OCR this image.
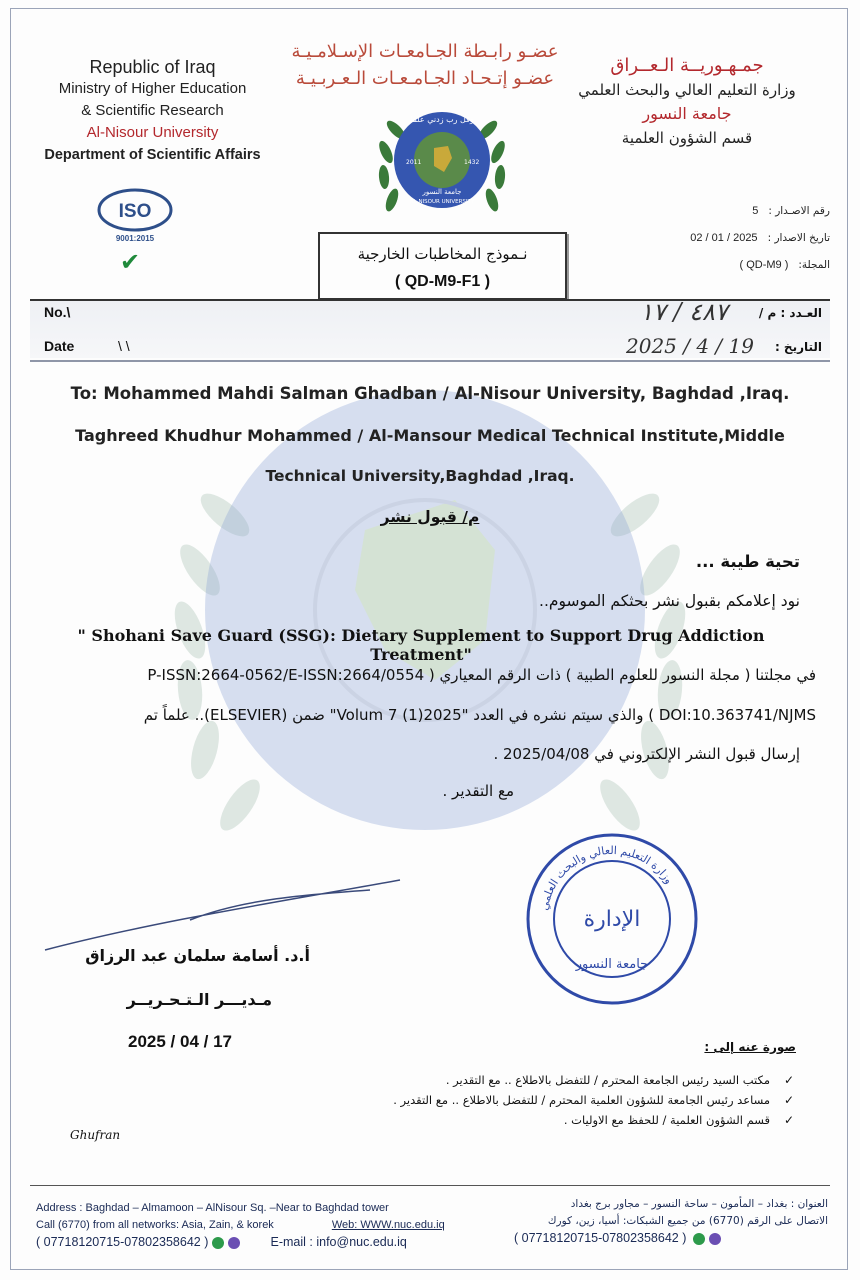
Republic of Iraq
Ministry of Higher Education
& Scientific Research
Al-Nisour University
Department of Scientific Affairs
عضـو رابـطة الجـامعـات الإسـلامـيـة
عضـو إتـحـاد الجـامـعـات الـعـربـيـة
جمـهـوريــة الـعــراق
وزارة التعليم العالي والبحث العلمي
جامعة النسور
قسم الشؤون العلمية
وقل رب زدني علما
2011	1432
جامعة النسور
AL-NISOUR UNIVERSITY
ISO
9001:2015
✔	نـموذج المخاطبات الخارجية
( QD-M9-F1 )
رقم الاصـدار :5
تاريخ الاصدار :2025 / 01 / 02
المجلة:( QD-M9 )
No.\
Date	\ \
العـدد : م /
٤٨٧ / ١٧
التاريخ :
2025 / 4 / 19
To: Mohammed Mahdi Salman Ghadban / Al-Nisour University, Baghdad ,Iraq.
Taghreed Khudhur Mohammed / Al-Mansour Medical Technical Institute,Middle
Technical University,Baghdad ,Iraq.
م/ قبول نشر
تحية طيبة ...
نود إعلامكم بقبول نشر بحثكم الموسوم..
" Shohani Save Guard (SSG): Dietary Supplement to Support Drug Addiction Treatment"
في مجلتنا ( مجلة النسور للعلوم الطبية ) ذات الرقم المعياري ( P-ISSN:2664-0562/E-ISSN:2664/0554
DOI:10.363741/NJMS ) والذي سيتم نشره في العدد "Volum 7 (1)2025" ضمن (ELSEVIER).. علماً تم
إرسال قبول النشر الإلكتروني في 2025/04/08 .
مع التقدير .
وزارة التعليم العالي والبحث العلمي
الإدارة
جامعة النسور
أ.د. أسامة سلمان عبد الرزاق
مـديـــر الـتـحـريــر
2025 / 04 / 17	صورة عنه إلى :
✓
مكتب السيد رئيس الجامعة المحترم / للتفضل بالاطلاع .. مع التقدير .
✓
مساعد رئيس الجامعة للشؤون العلمية المحترم / للتفضل بالاطلاع .. مع التقدير .
✓
قسم الشؤون العلمية / للحفظ مع الاوليات .
Ghufran
Address : Baghdad – Almamoon – AlNisour Sq. –Near to Baghdad tower
Call (6770) from all networks: Asia, Zain, & korek	Web: WWW.nuc.edu.iq
( 07718120715-07802358642 )	E-mail : info@nuc.edu.iq
العنوان : بغداد – المأمون – ساحة النسور – مجاور برج بغداد
الاتصال على الرقم (6770) من جميع الشبكات: أسيا، زين، كورك
( 07718120715-07802358642 )
